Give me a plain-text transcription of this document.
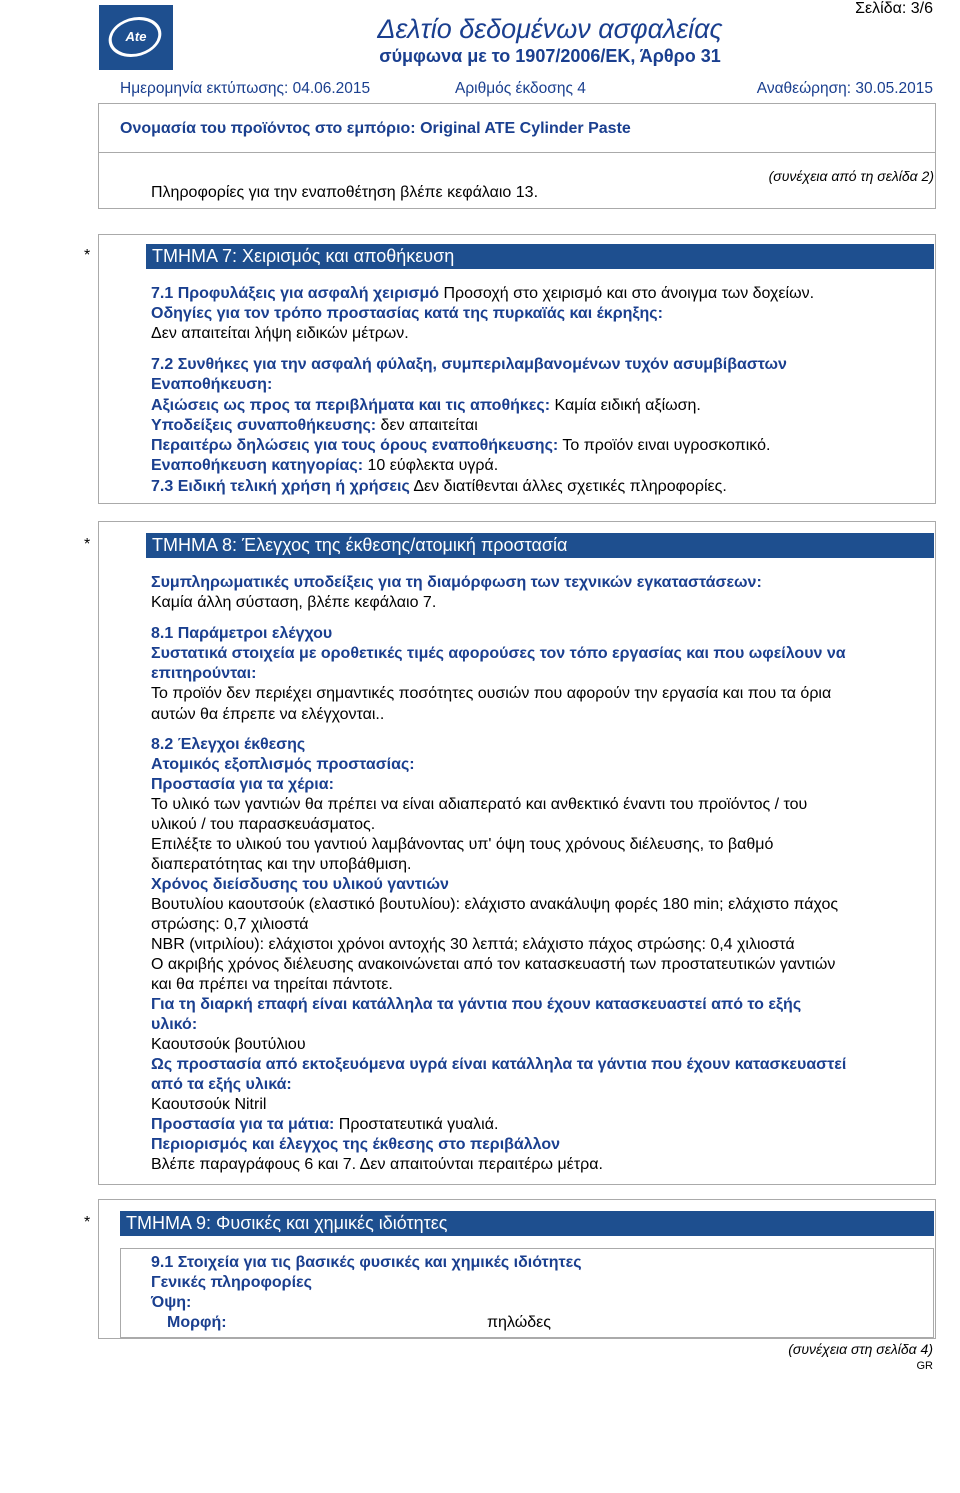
Ate	Δελτίο δεδομένων ασφαλείας
σύμφωνα με το 1907/2006/ΕΚ, Άρθρο 31
Σελίδα: 3/6
Ημερομηνία εκτύπωσης: 04.06.2015	Αριθμός έκδοσης 4	Αναθεώρηση: 30.05.2015
Ονομασία του προϊόντος στο εμπόριο: Original ATE Cylinder Paste
(συνέχεια από τη σελίδα 2)
Πληροφορίες για την εναποθέτηση βλέπε κεφάλαιο 13.
*	ΤΜΗΜΑ 7: Χειρισμός και αποθήκευση
7.1 Προφυλάξεις για ασφαλή χειρισμό Προσοχή στο χειρισμό και στο άνοιγμα των δοχείων.
Οδηγίες για τον τρόπο προστασίας κατά της πυρκαϊάς και έκρηξης:
Δεν απαιτείται λήψη ειδικών μέτρων.
7.2 Συνθήκες για την ασφαλή φύλαξη, συμπεριλαμβανομένων τυχόν ασυμβίβαστων
Εναποθήκευση:
Αξιώσεις ως προς τα περιβλήματα και τις αποθήκες: Καμία ειδική αξίωση.
Υποδείξεις συναποθήκευσης: δεν απαιτείται
Περαιτέρω δηλώσεις για τους όρους εναποθήκευσης: Το προϊόν ειναι υγροσκοπικό.
Εναποθήκευση κατηγορίας: 10 εύφλεκτα υγρά.
7.3 Ειδική τελική χρήση ή χρήσεις Δεν διατίθενται άλλες σχετικές πληροφορίες.
*	ΤΜΗΜΑ 8: Έλεγχος της έκθεσης/ατομική προστασία
Συμπληρωματικές υποδείξεις για τη διαμόρφωση των τεχνικών εγκαταστάσεων:
Καμία άλλη σύσταση, βλέπε κεφάλαιο 7.
8.1 Παράμετροι ελέγχου
Συστατικά στοιχεία με οροθετικές τιμές αφορούσες τον τόπο εργασίας και που ωφείλουν να
επιτηρούνται:
Το προϊόν δεν περιέχει σημαντικές ποσότητες ουσιών που αφορούν την εργασία και που τα όρια
αυτών θα έπρεπε να ελέγχονται..
8.2 Έλεγχοι έκθεσης
Ατομικός εξοπλισμός προστασίας:
Προστασία για τα χέρια:
Το υλικό των γαντιών θα πρέπει να είναι αδιαπερατό και ανθεκτικό έναντι του προϊόντος / του
υλικού / του παρασκευάσματος.
Επιλέξτε το υλικού του γαντιού λαμβάνοντας υπ' όψη τους χρόνους διέλευσης, το βαθμό
διαπερατότητας και την υποβάθμιση.
Χρόνος διείσδυσης του υλικού γαντιών
Βουτυλίου καουτσούκ (ελαστικό βουτυλίου): ελάχιστο ανακάλυψη φορές 180 min; ελάχιστο πάχος
στρώσης: 0,7 χιλιοστά
NBR (νιτριλίου): ελάχιστοι χρόνοι αντοχής 30 λεπτά; ελάχιστο πάχος στρώσης: 0,4 χιλιοστά
Ο ακριβής χρόνος διέλευσης ανακοινώνεται από τον κατασκευαστή των προστατευτικών γαντιών
και θα πρέπει να τηρείται πάντοτε.
Για τη διαρκή επαφή είναι κατάλληλα τα γάντια που έχουν κατασκευαστεί από το εξής
υλικό:
Καουτσούκ βουτύλιου
Ως προστασία από εκτοξευόμενα υγρά είναι κατάλληλα τα γάντια που έχουν κατασκευαστεί
από τα εξής υλικά:
Καουτσούκ Nitril
Προστασία για τα μάτια: Προστατευτικά γυαλιά.
Περιορισμός και έλεγχος της έκθεσης στο περιβάλλον
Βλέπε παραγράφους 6 και 7. Δεν απαιτούνται περαιτέρω μέτρα.
*	ΤΜΗΜΑ 9: Φυσικές και χημικές ιδιότητες
9.1 Στοιχεία για τις βασικές φυσικές και χημικές ιδιότητες
Γενικές πληροφορίες
Όψη:
Μορφή:	πηλώδες
(συνέχεια στη σελίδα 4)
GR
